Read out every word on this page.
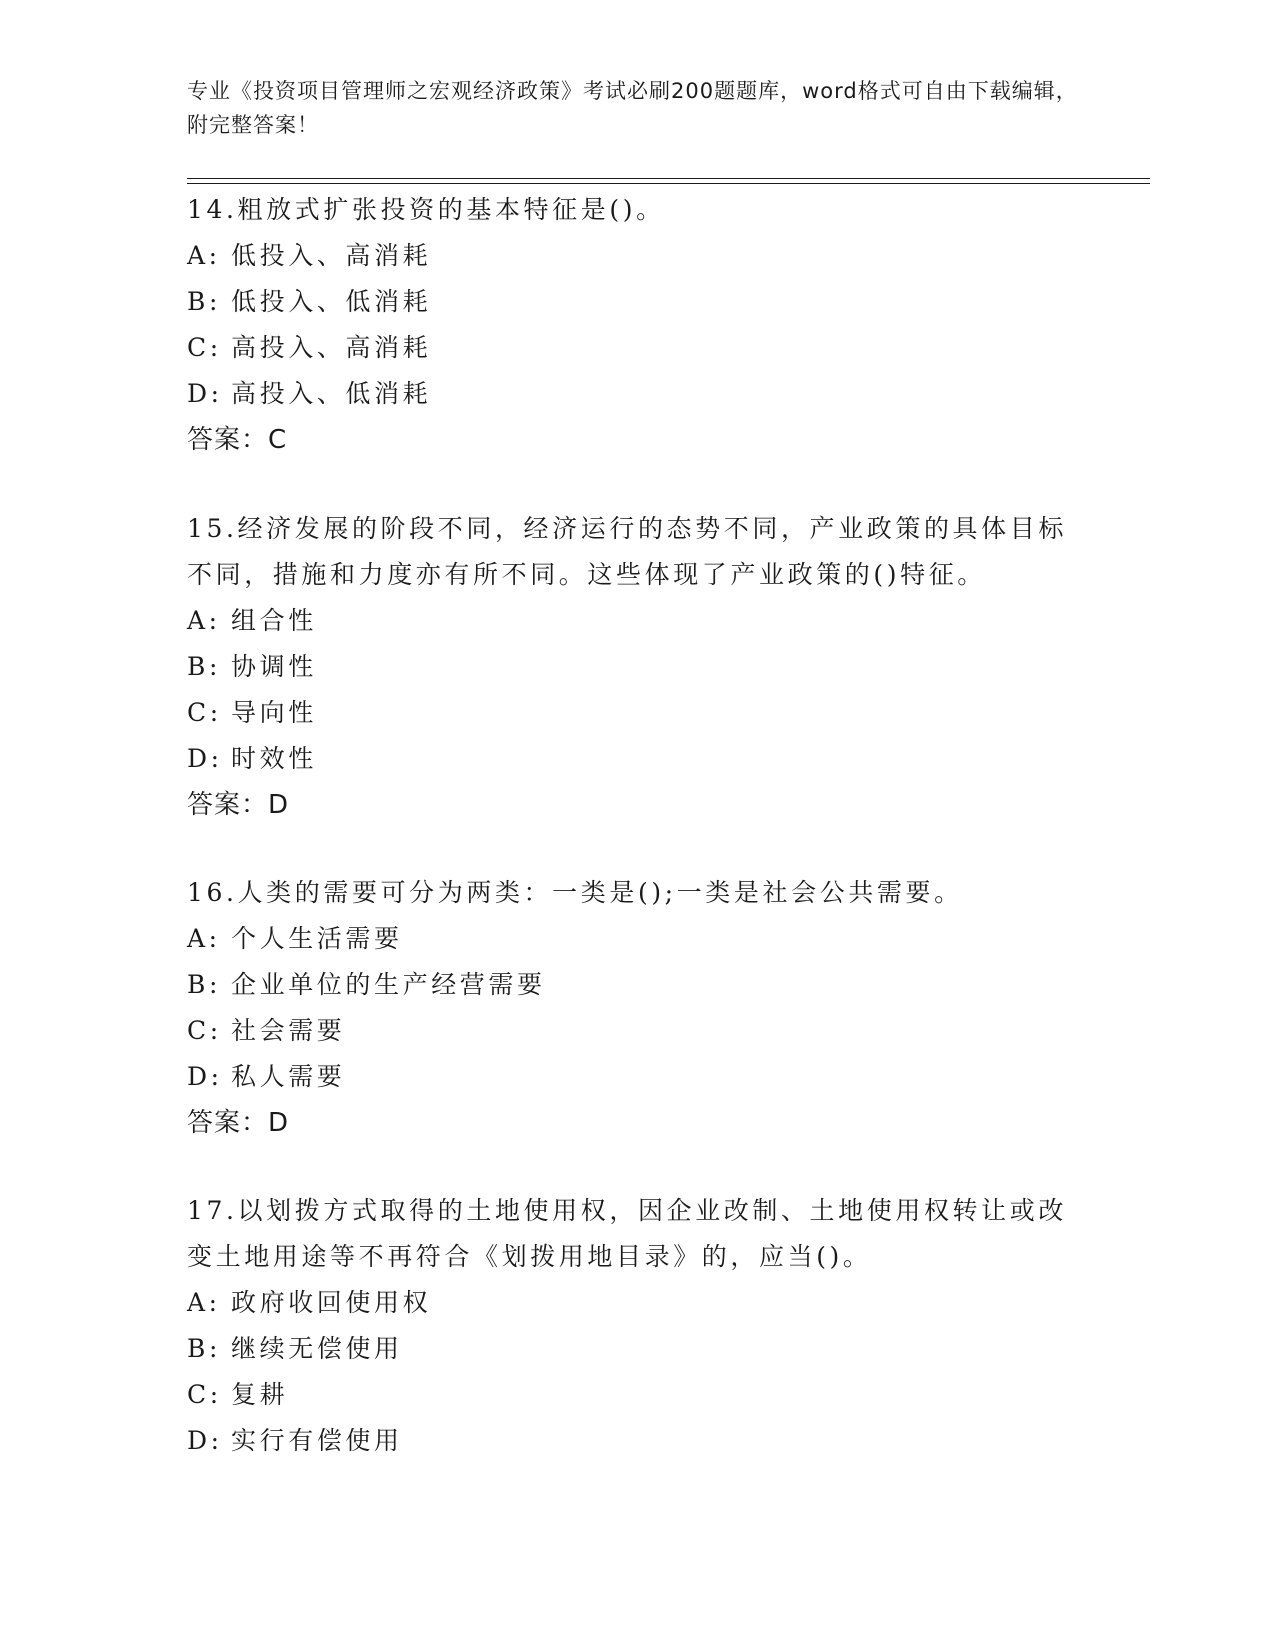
专业《投资项目管理师之宏观经济政策》考试必刷200题题库，word格式可自由下载编辑，附完整答案！

14.粗放式扩张投资的基本特征是()。

A: 低投入、高消耗
B: 低投入、低消耗
C: 高投入、高消耗
D: 高投入、低消耗
答案：C

15.经济发展的阶段不同，经济运行的态势不同，产业政策的具体目标不同，措施和力度亦有所不同。这些体现了产业政策的()特征。

A: 组合性
B: 协调性
C: 导向性
D: 时效性
答案：D

16.人类的需要可分为两类：一类是();一类是社会公共需要。

A: 个人生活需要
B: 企业单位的生产经营需要
C: 社会需要
D: 私人需要
答案：D

17.以划拨方式取得的土地使用权，因企业改制、土地使用权转让或改变土地用途等不再符合《划拨用地目录》的，应当()。

A: 政府收回使用权
B: 继续无偿使用
C: 复耕
D: 实行有偿使用
